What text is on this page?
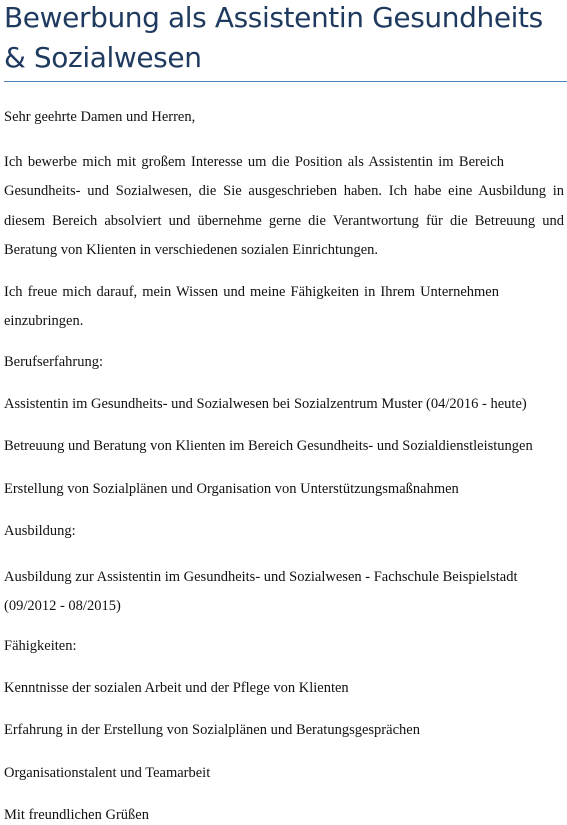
Bewerbung als Assistentin Gesundheits
& Sozialwesen

Sehr geehrte Damen und Herren,

Ich bewerbe mich mit großem Interesse um die Position als Assistentin im Bereich
Gesundheits- und Sozialwesen, die Sie ausgeschrieben haben. Ich habe eine Ausbildung in
diesem Bereich absolviert und übernehme gerne die Verantwortung für die Betreuung und
Beratung von Klienten in verschiedenen sozialen Einrichtungen.
Ich freue mich darauf, mein Wissen und meine Fähigkeiten in Ihrem Unternehmen
einzubringen.

Berufserfahrung:

Assistentin im Gesundheits- und Sozialwesen bei Sozialzentrum Muster (04/2016 - heute)

Betreuung und Beratung von Klienten im Bereich Gesundheits- und Sozialdienstleistungen

Erstellung von Sozialplänen und Organisation von Unterstützungsmaßnahmen

Ausbildung:

Ausbildung zur Assistentin im Gesundheits- und Sozialwesen - Fachschule Beispielstadt
(09/2012 - 08/2015)

Fähigkeiten:

Kenntnisse der sozialen Arbeit und der Pflege von Klienten

Erfahrung in der Erstellung von Sozialplänen und Beratungsgesprächen

Organisationstalent und Teamarbeit

Mit freundlichen Grüßen
